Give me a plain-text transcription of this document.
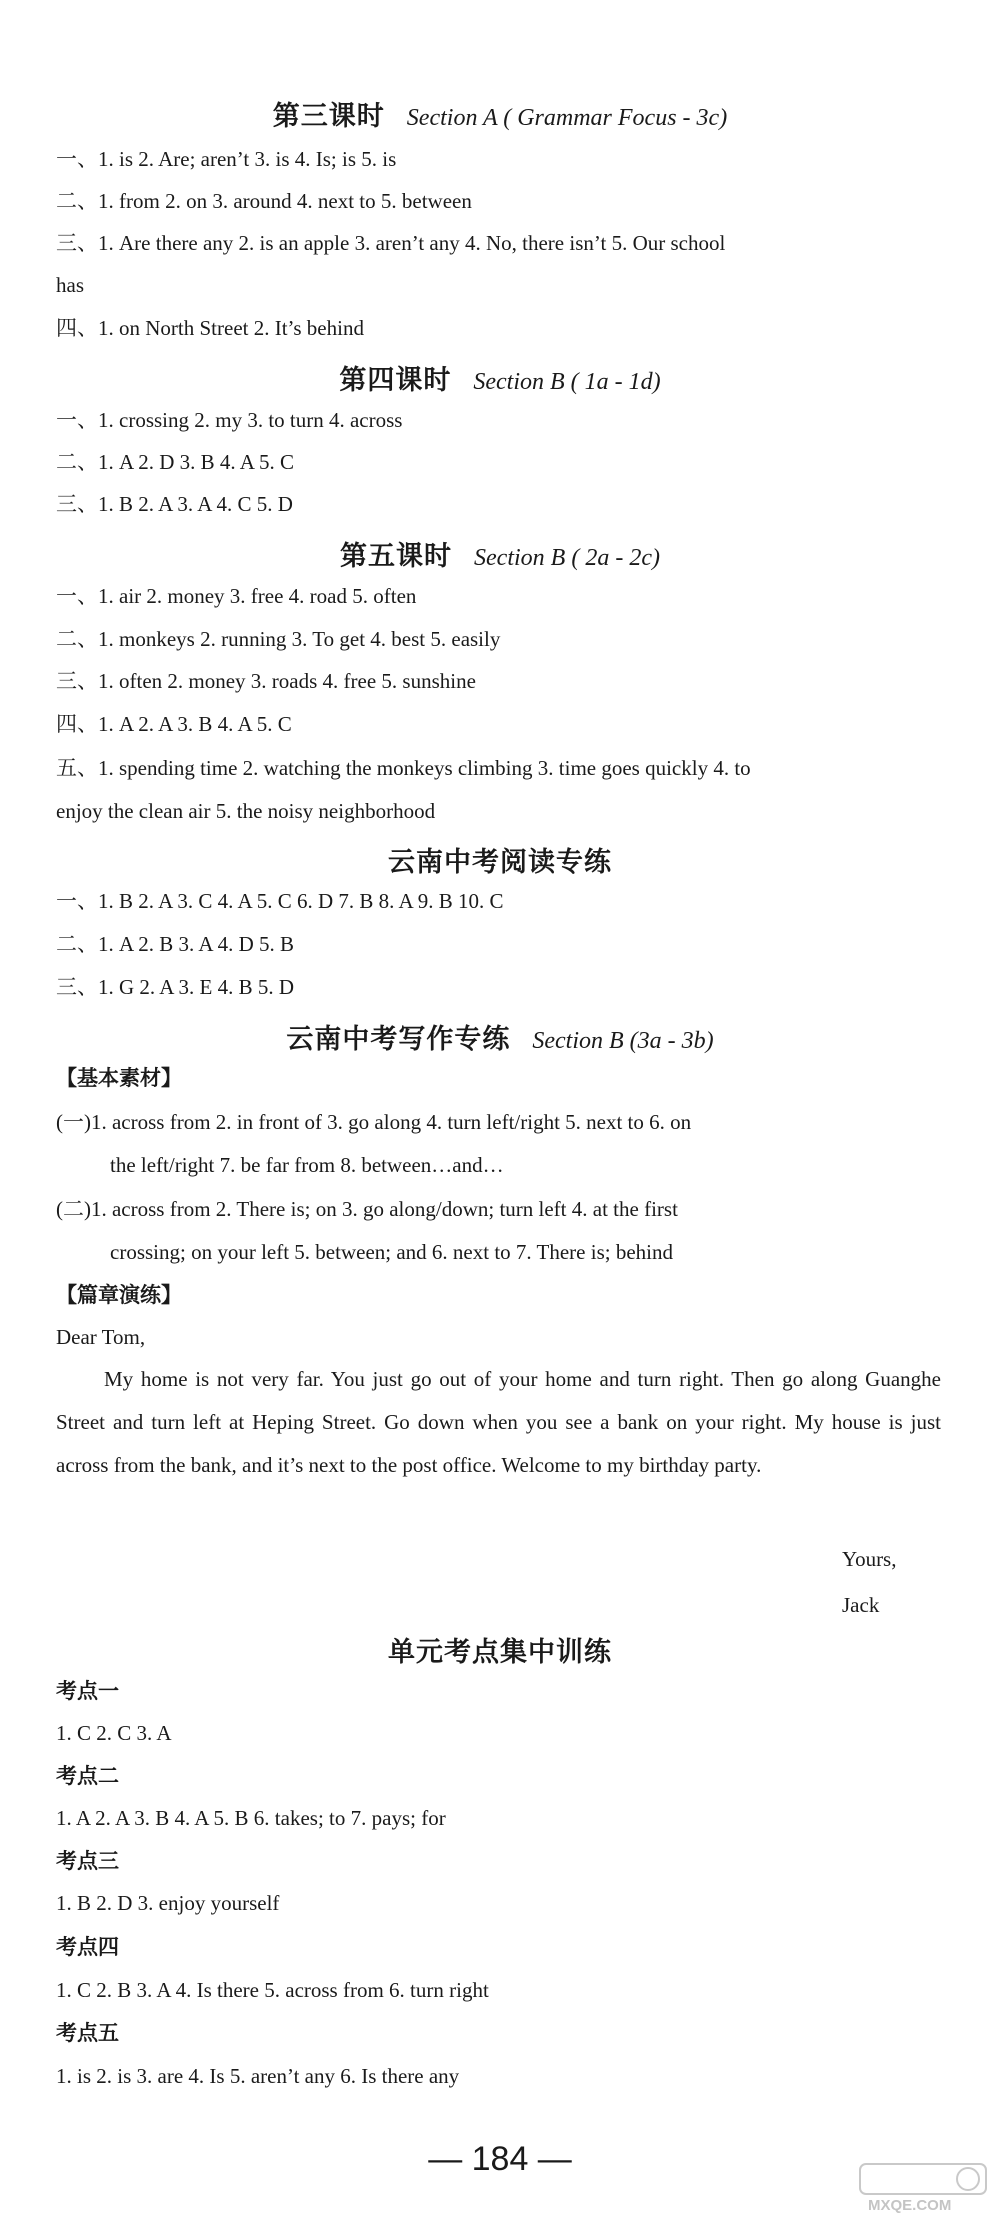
第三课时 Section A ( Grammar Focus - 3c)
一、1. is 2. Are; aren’t 3. is 4. Is; is 5. is
二、1. from 2. on 3. around 4. next to 5. between
三、1. Are there any 2. is an apple 3. aren’t any 4. No, there isn’t 5. Our school
has
四、1. on North Street 2. It’s behind
第四课时 Section B ( 1a - 1d)
一、1. crossing 2. my 3. to turn 4. across
二、1. A 2. D 3. B 4. A 5. C
三、1. B 2. A 3. A 4. C 5. D
第五课时 Section B ( 2a - 2c)
一、1. air 2. money 3. free 4. road 5. often
二、1. monkeys 2. running 3. To get 4. best 5. easily
三、1. often 2. money 3. roads 4. free 5. sunshine
四、1. A 2. A 3. B 4. A 5. C
五、1. spending time 2. watching the monkeys climbing 3. time goes quickly 4. to
enjoy the clean air 5. the noisy neighborhood
云南中考阅读专练
一、1. B 2. A 3. C 4. A 5. C 6. D 7. B 8. A 9. B 10. C
二、1. A 2. B 3. A 4. D 5. B
三、1. G 2. A 3. E 4. B 5. D
云南中考写作专练 Section B (3a - 3b)
【基本素材】
(一)1. across from 2. in front of 3. go along 4. turn left/right 5. next to 6. on
the left/right 7. be far from 8. between…and…
(二)1. across from 2. There is; on 3. go along/down; turn left 4. at the first
crossing; on your left 5. between; and 6. next to 7. There is; behind
【篇章演练】
Dear Tom,
My home is not very far. You just go out of your home and turn right. Then go along Guanghe Street and turn left at Heping Street. Go down when you see a bank on your right. My house is just across from the bank, and it’s next to the post office. Welcome to my birthday party.
Yours,
Jack
单元考点集中训练
考点一
1. C 2. C 3. A
考点二
1. A 2. A 3. B 4. A 5. B 6. takes; to 7. pays; for
考点三
1. B 2. D 3. enjoy yourself
考点四
1. C 2. B 3. A 4. Is there 5. across from 6. turn right
考点五
1. is 2. is 3. are 4. Is 5. aren’t any 6. Is there any
— 184 —
MXQE.COM
